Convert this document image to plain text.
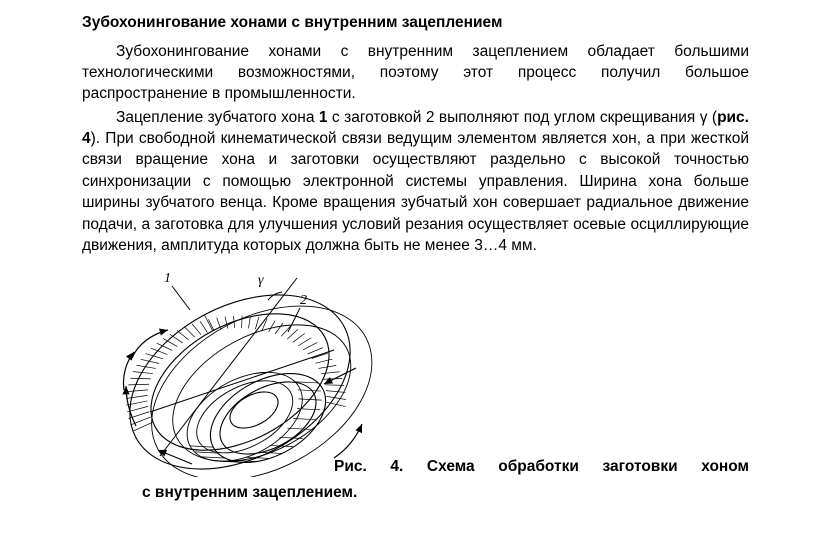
Зубохонингование хонами с внутренним зацеплением

Зубохонингование хонами с внутренним зацеплением обладает большими технологическими возможностями, поэтому этот процесс получил большое распространение в промышленности.

Зацепление зубчатого хона 1 с заготовкой 2 выполняют под углом скрещивания γ (рис. 4). При свободной кинематической связи ведущим элементом является хон, а при жесткой связи вращение хона и заготовки осуществляют раздельно с высокой точностью синхронизации с помощью электронной системы управления. Ширина хона больше ширины зубчатого венца. Кроме вращения зубчатый хон совершает радиальное движение подачи, а заготовка для улучшения условий резания осуществляет осевые осциллирующие движения, амплитуда которых должна быть не менее 3…4 мм.

1
2
γ
Рис. 4. Схема обработки заготовки хоном
с внутренним зацеплением.
